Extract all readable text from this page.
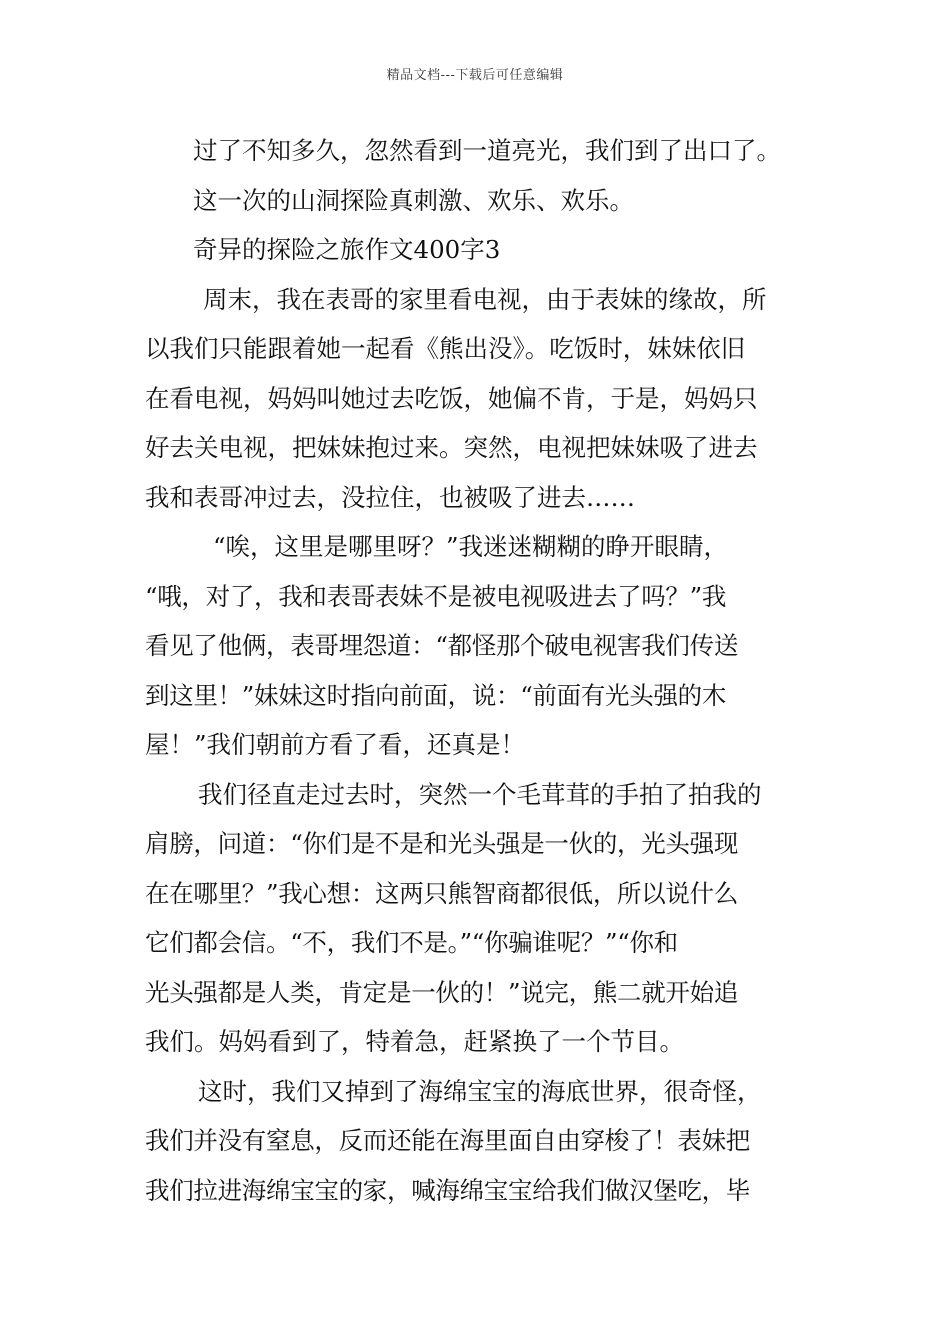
精品文档---下载后可任意编辑
过了不知多久，忽然看到一道亮光，我们到了出口了。
这一次的山洞探险真刺激、欢乐、欢乐。
奇异的探险之旅作文400字3
周末，我在表哥的家里看电视，由于表妹的缘故，所
以我们只能跟着她一起看《熊出没》。吃饭时，妹妹依旧
在看电视，妈妈叫她过去吃饭，她偏不肯，于是，妈妈只
好去关电视，把妹妹抱过来。突然，电视把妹妹吸了进去
我和表哥冲过去，没拉住，也被吸了进去……
“唉，这里是哪里呀？”我迷迷糊糊的睁开眼睛，
“哦，对了，我和表哥表妹不是被电视吸进去了吗？”我
看见了他俩，表哥埋怨道：“都怪那个破电视害我们传送
到这里！”妹妹这时指向前面，说：“前面有光头强的木
屋！”我们朝前方看了看，还真是！
我们径直走过去时，突然一个毛茸茸的手拍了拍我的
肩膀，问道：“你们是不是和光头强是一伙的，光头强现
在在哪里？”我心想：这两只熊智商都很低，所以说什么
它们都会信。“不，我们不是。”“你骗谁呢？”“你和
光头强都是人类，肯定是一伙的！”说完，熊二就开始追
我们。妈妈看到了，特着急，赶紧换了一个节目。
这时，我们又掉到了海绵宝宝的海底世界，很奇怪，
我们并没有窒息，反而还能在海里面自由穿梭了！表妹把
我们拉进海绵宝宝的家，喊海绵宝宝给我们做汉堡吃，毕
